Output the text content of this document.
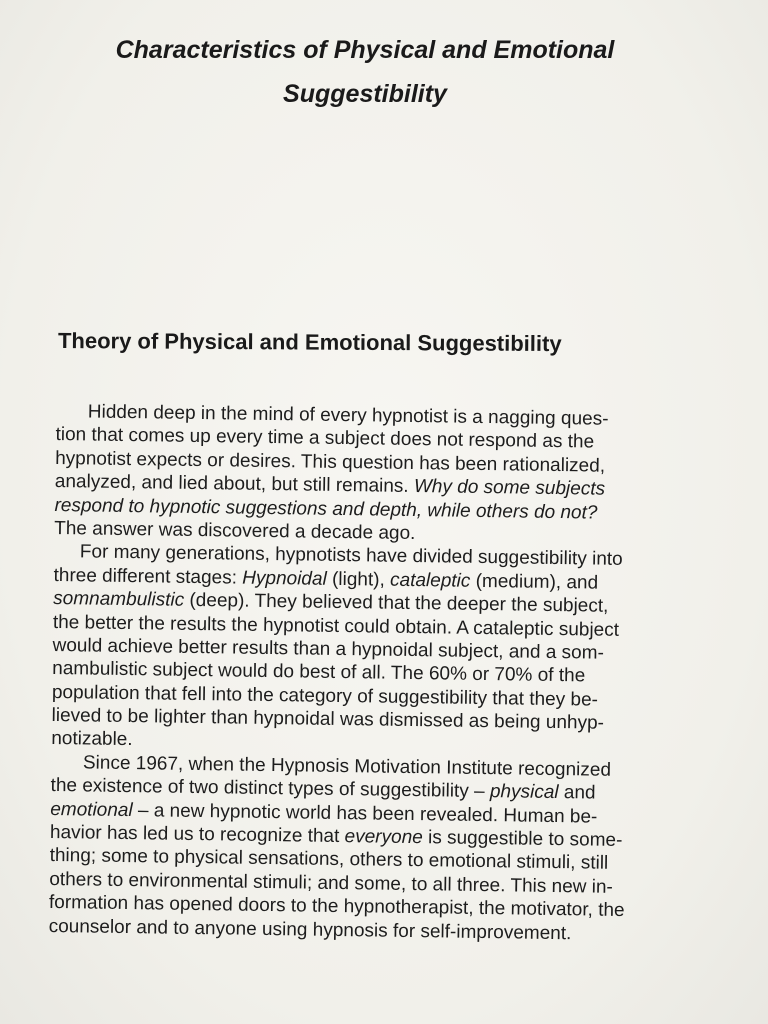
Characteristics of Physical and Emotional
Suggestibility
Theory of Physical and Emotional Suggestibility
Hidden deep in the mind of every hypnotist is a nagging ques-
tion that comes up every time a subject does not respond as the
hypnotist expects or desires. This question has been rationalized,
analyzed, and lied about, but still remains. Why do some subjects
respond to hypnotic suggestions and depth, while others do not?
The answer was discovered a decade ago.
For many generations, hypnotists have divided suggestibility into
three different stages: Hypnoidal (light), cataleptic (medium), and
somnambulistic (deep). They believed that the deeper the subject,
the better the results the hypnotist could obtain. A cataleptic subject
would achieve better results than a hypnoidal subject, and a som-
nambulistic subject would do best of all. The 60% or 70% of the
population that fell into the category of suggestibility that they be-
lieved to be lighter than hypnoidal was dismissed as being unhyp-
notizable.
Since 1967, when the Hypnosis Motivation Institute recognized
the existence of two distinct types of suggestibility – physical and
emotional – a new hypnotic world has been revealed. Human be-
havior has led us to recognize that everyone is suggestible to some-
thing; some to physical sensations, others to emotional stimuli, still
others to environmental stimuli; and some, to all three. This new in-
formation has opened doors to the hypnotherapist, the motivator, the
counselor and to anyone using hypnosis for self-improvement.
